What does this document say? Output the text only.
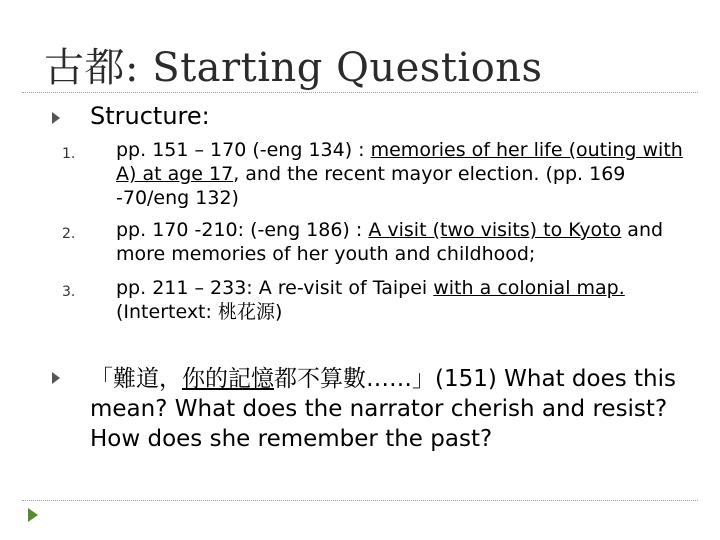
古都: Starting Questions
Structure:
1. pp. 151 – 170 (-eng 134) : memories of her life (outing with A) at age 17, and the recent mayor election. (pp. 169 -70/eng 132)
2. pp. 170 -210: (-eng 186) : A visit (two visits) to Kyoto and more memories of her youth and childhood;
3. pp. 211 – 233: A re-visit of Taipei with a colonial map. (Intertext: 桃花源)
「難道，你的記憶都不算數……」(151) What does this mean? What does the narrator cherish and resist? How does she remember the past?
